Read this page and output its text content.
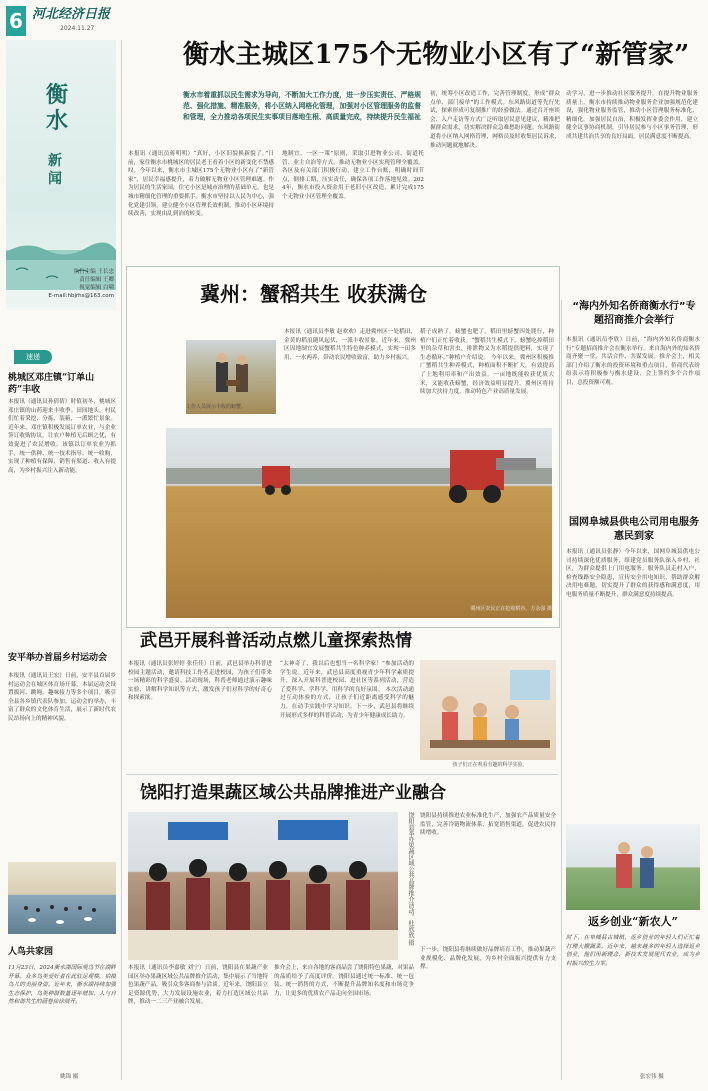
6 河北经济日报
2024.11.27
衡水主城区175个无物业小区有了“新管家”
衡水
新闻
执行主编 王长忠
责任编辑 王卿
视觉编辑 白啸
E-mail:hbjrhs@163.com
速递
桃城区邓庄镇“订单山药”丰收
本报讯（通讯员孙倩倩）时值初冬，桃城区邓庄镇的山药迎来丰收季。田间地头，村民们忙着采挖、分拣、装箱，一派繁忙景象。近年来，邓庄镇积极发展订单农业，与企业签订收购协议，让农户种植无后顾之忧，有效促进了农民增收。该镇以订单农业为抓手，统一供种、统一技术指导、统一收购，实现了种植有保障、销售有渠道、收入有提高，为乡村振兴注入新动能。
安平举办首届乡村运动会
本报讯（通讯员王宏）日前，安平县首届乡村运动会在城区体育场开幕。本届运动会设置拔河、跳绳、趣味接力等多个项目，吸引全县各乡镇代表队参加。运动会的举办，丰富了群众的文化体育生活，展示了新时代农民昂扬向上的精神风貌。
人鸟共家园
11月23日，2024衡水湖国际观鸟节在湖畔开幕。众多鸟类爱好者在此驻足观察，拍摄鸟儿的美丽身姿。近年来，衡水湖持续加强生态保护，鸟类种群数量逐年增加，人与自然和谐共生的画卷徐徐展开。
姚锦 摄
衡水市着重抓以民生需求为导向，不断加大工作力度，进一步压实责任、严格规范、强化措施、精准服务，将小区纳入网格化管理，加强对小区管理服务的监督和管理，全力推动各项民生实事项目落地生根、高质量完成，持续提升民生福祉
本报讯（通讯员蒋明明）“真好，小区旧貌换新貌了。”日前，家住衡水市桃城区的居民老王看着小区的新变化不禁感叹。今年以来，衡水市主城区175个无物业小区有了“新管家”，居民幸福感提升，着力破解无物业小区管理难题。作为居民的生活家园，住宅小区是城市治理的基础单元，也是城市精细化管理的重要抓手。衡水市坚持以人民为中心，强化党建引领，建立健全小区管理长效机制，推动小区环境持续改善，实现由乱到治的转变。
地制宜、一区一策”原则，采取引进物业公司、街道托管、业主自治等方式，推动无物业小区实现管理全覆盖。各区及有关部门积极行动，建立工作台账，明确时间节点，倒排工期，压实责任，确保各项工作落地见效。2024年，衡水市投入资金用于老旧小区改造，累计完成175个无物业小区管理全覆盖。
初，统筹小区改造工作，完善管理制度，形成“群众点单、部门接单”的工作模式。东风路街道等先行先试，探索形成可复制推广的经验做法。通过召开座谈会、入户走访等方式广泛听取居民意见建议，精准把握群众需求，切实解决群众急难愁盼问题。东风路街道将小区纳入网格管理，网格员及时收集居民诉求，推动问题就地解决。
动学习，进一步推动社区服务提升。在提升物业服务质量上，衡水市持续推动物业服务企业加强规范化建设，强化物业服务监管，推动小区管理服务标准化、精细化。加强居民自治，积极发挥业委会作用，建立健全议事协商机制，引导居民参与小区事务管理，形成共建共治共享的良好局面，居民满意度不断提高。
冀州：蟹稻共生 收获满仓
工作人员展示丰收的螃蟹。
本报讯（通讯员李敏 赵欢欢）走进冀州区一处稻田，金黄的稻浪随风起伏，一派丰收景象。近年来，冀州区因地制宜发展蟹稻共生特色种养模式，实现一田多用、一水两养，带动农民增收致富，助力乡村振兴。
冀州区农民正在抢收稻谷。方永强 摄
稻子成熟了，螃蟹也肥了。稻田里螃蟹四处爬行，种植户们正忙着收获。“蟹稻共生模式下，螃蟹吃掉稻田里的杂草和害虫，排泄物又为水稻提供肥料，实现了生态循环。”种植户介绍说。 今年以来，冀州区积极推广蟹稻共生种养模式，种植面积不断扩大，有效提高了土地利用率和产出效益。一亩地既能收获优质大米，又能收获螃蟹，经济效益明显提升。冀州区将持续加大扶持力度，推动特色产业高质量发展。
“海内外知名侨商衡水行”专题招商推介会举行
本报讯（通讯员李欣）日前，“海内外知名侨商衡水行”专题招商推介会在衡水举行。来自海内外的知名侨商齐聚一堂，共话合作、共谋发展。推介会上，相关部门介绍了衡水的投资环境和重点项目，侨商代表纷纷表示将积极参与衡水建设，会上签约多个合作项目，总投资额可观。
国网阜城县供电公司用电服务惠民到家
本报讯（通讯员张静）今年以来，国网阜城县供电公司持续深化优质服务，组建党员服务队深入乡村、社区，为群众提供上门用电服务。服务队员走村入户，检查线路安全隐患，宣传安全用电知识，帮助群众解决用电难题，切实提升了群众的获得感和满意度，用电服务质量不断提升，群众满意度持续提高。
返乡创业“新农人”
时下，在阜城县古城镇，返乡创业的年轻人们正忙着打理大棚蔬菜。近年来，越来越多的年轻人选择返乡创业，他们用新理念、新技术发展现代农业，成为乡村振兴的生力军。
张宏伟 摄
武邑开展科普活动点燃儿童探索热情
本报讯（通讯员张婷婷 张佳佳）日前，武邑县举办科普进校园主题活动，邀请科技工作者走进校园，为孩子们带来一场精彩的科学盛宴。活动现场，科普老师通过演示趣味实验、讲解科学知识等方式，激发孩子们对科学的好奇心和探索欲。
“太神奇了，我以后也想当一名科学家！”参加活动的学生说。近年来，武邑县高度重视青少年科学素质提升，深入开展科普进校园、进社区等系列活动，营造了爱科学、学科学、用科学的良好氛围。 本次活动通过互动体验的方式，让孩子们近距离感受科学的魅力，在动手实践中学习知识。下一步，武邑县将继续开展形式多样的科普活动，为青少年健康成长助力。
孩子们正在观看有趣的科学实验。
饶阳打造果蔬区域公共品牌推进产业融合
饶阳县举办果蔬区域公共品牌推介活动。杜欣欣 摄
本报讯（通讯员李嘉敏 刘宁）日前，饶阳县在果蔬产业园区举办果蔬区域公共品牌推介活动，集中展示了当地特色果蔬产品，吸引众多客商参与洽谈。近年来，饶阳县立足资源优势，大力发展设施农业，着力打造区域公共品牌，推动一二三产业融合发展。
推介会上，来自各地的客商品尝了饶阳特色果蔬，对果品的品质给予了高度评价。饶阳县通过统一标准、统一包装、统一销售的方式，不断提升品牌知名度和市场竞争力，让更多的优质农产品走向全国市场。
饶阳县持续推进农业标准化生产，加强农产品质量安全监管，完善冷链物流体系，拓宽销售渠道，促进农民持续增收。
下一步，饶阳县将继续做好品牌培育工作，推动果蔬产业规模化、品牌化发展，为乡村全面振兴提供有力支撑。
